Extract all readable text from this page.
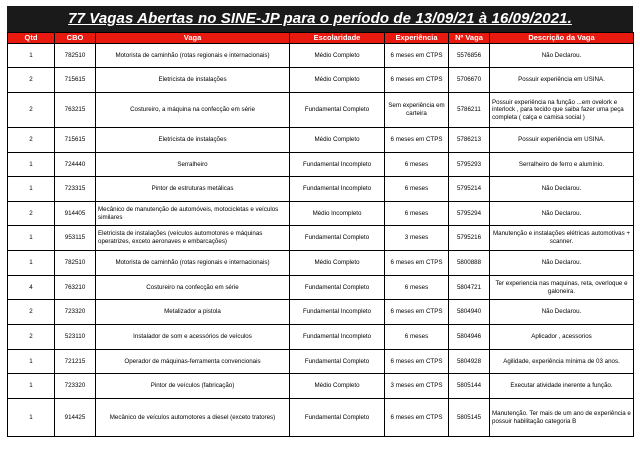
77 Vagas Abertas no SINE-JP para o período de 13/09/21 à 16/09/2021.
Qtd	CBO	Vaga	Escolaridade	Experiência	Nº Vaga	Descrição da Vaga
1	782510	Motorista de caminhão (rotas regionais e internacionais)	Médio Completo	6 meses em CTPS	5576856	Não Declarou.
2	715615	Eletricista de instalações	Médio Completo	6 meses em CTPS	5706670	Possuir experiência em USINA.
2	763215	Costureiro, a máquina na confecção em série	Fundamental Completo	Sem experiência em carteira	5786211	Possuir experiência na função ...em ovelork e interlock , para tecido que saiba fazer uma peça completa ( calça e camisa social )
2	715615	Eletricista de instalações	Médio Completo	6 meses em CTPS	5786213	Possuir experiência em USINA.
1	724440	Serralheiro	Fundamental Incompleto	6 meses	5795293	Serralheiro de ferro e alumínio.
1	723315	Pintor de estruturas metálicas	Fundamental Incompleto	6 meses	5795214	Não Declarou.
2	914405	Mecânico de manutenção de automóveis, motocicletas e veículos similares	Médio Incompleto	6 meses	5795294	Não Declarou.
1	953115	Eletricista de instalações (veículos automotores e máquinas operatrizes, exceto aeronaves e embarcações)	Fundamental Completo	3 meses	5795216	Manutenção e instalações elétricas automotivas + scanner.
1	782510	Motorista de caminhão (rotas regionais e internacionais)	Médio Completo	6 meses em CTPS	5800888	Não Declarou.
4	763210	Costureiro na confecção em série	Fundamental Completo	6 meses	5804721	Ter experiencia nas maquinas, reta, overloque e galoneira.
2	723320	Metalizador a pistola	Fundamental Incompleto	6 meses em CTPS	5804940	Não Declarou.
2	523110	Instalador de som e acessórios de veículos	Fundamental Incompleto	6 meses	5804946	Aplicador , acessorios
1	721215	Operador de máquinas-ferramenta convencionais	Fundamental Completo	6 meses em CTPS	5804928	Agilidade, experiência mínima de 03 anos.
1	723320	Pintor de veículos (fabricação)	Médio Completo	3 meses em CTPS	5805144	Executar atividade inerente a função.
1	914425	Mecânico de veículos automotores a diesel (exceto tratores)	Fundamental Completo	6 meses em CTPS	5805145	Manutenção. Ter mais de um ano de experiência e possuir habilitação categoria B
